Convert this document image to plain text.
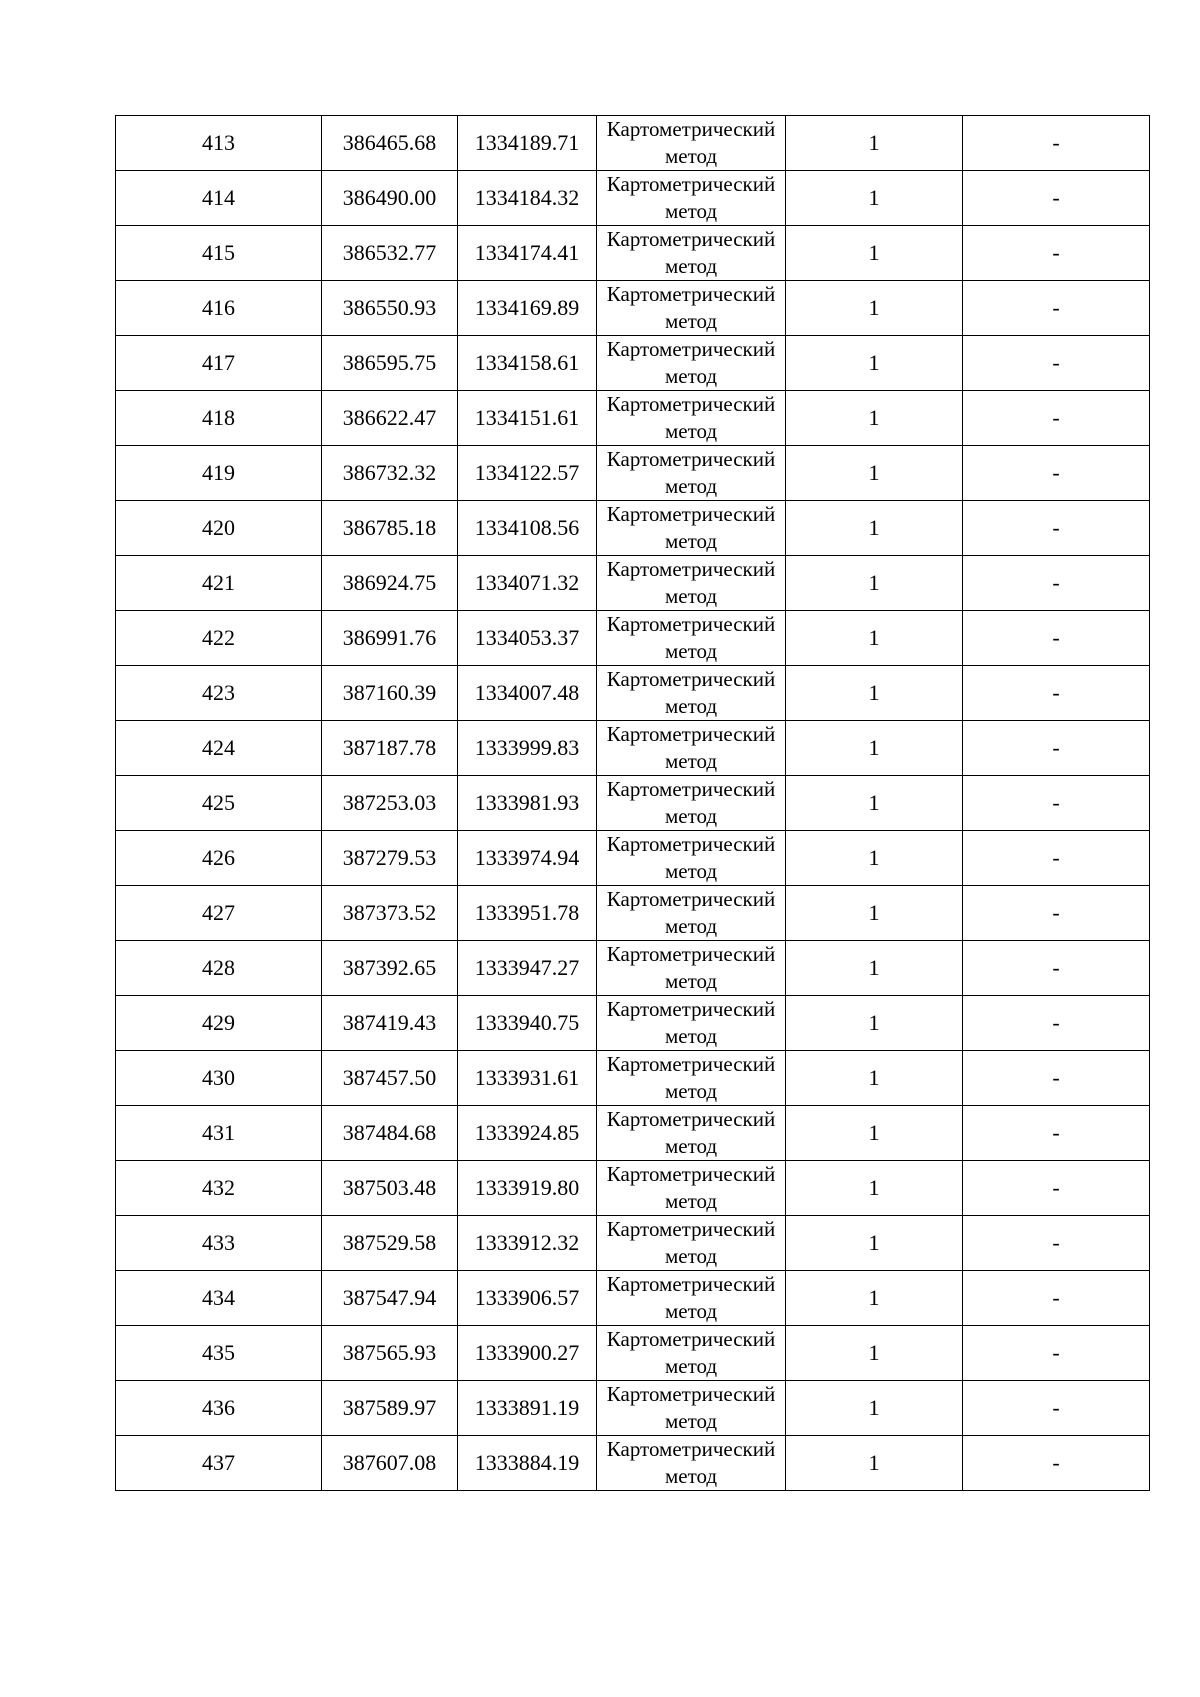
413	386465.68	1334189.71	Картометрический метод	1	-
414	386490.00	1334184.32	Картометрический метод	1	-
415	386532.77	1334174.41	Картометрический метод	1	-
416	386550.93	1334169.89	Картометрический метод	1	-
417	386595.75	1334158.61	Картометрический метод	1	-
418	386622.47	1334151.61	Картометрический метод	1	-
419	386732.32	1334122.57	Картометрический метод	1	-
420	386785.18	1334108.56	Картометрический метод	1	-
421	386924.75	1334071.32	Картометрический метод	1	-
422	386991.76	1334053.37	Картометрический метод	1	-
423	387160.39	1334007.48	Картометрический метод	1	-
424	387187.78	1333999.83	Картометрический метод	1	-
425	387253.03	1333981.93	Картометрический метод	1	-
426	387279.53	1333974.94	Картометрический метод	1	-
427	387373.52	1333951.78	Картометрический метод	1	-
428	387392.65	1333947.27	Картометрический метод	1	-
429	387419.43	1333940.75	Картометрический метод	1	-
430	387457.50	1333931.61	Картометрический метод	1	-
431	387484.68	1333924.85	Картометрический метод	1	-
432	387503.48	1333919.80	Картометрический метод	1	-
433	387529.58	1333912.32	Картометрический метод	1	-
434	387547.94	1333906.57	Картометрический метод	1	-
435	387565.93	1333900.27	Картометрический метод	1	-
436	387589.97	1333891.19	Картометрический метод	1	-
437	387607.08	1333884.19	Картометрический метод	1	-
